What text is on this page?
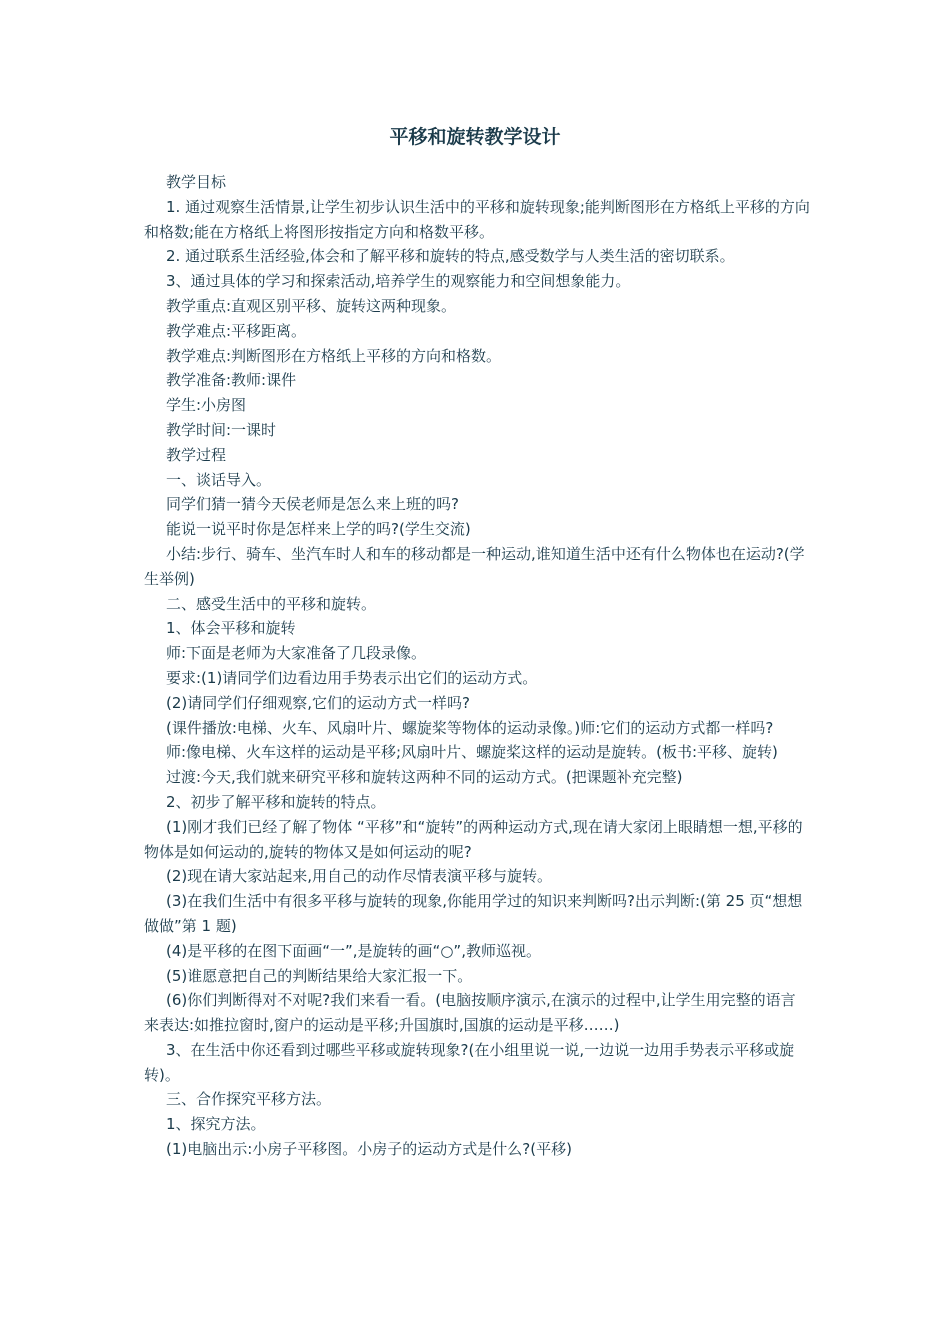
平移和旋转教学设计

教学目标

1. 通过观察生活情景,让学生初步认识生活中的平移和旋转现象;能判断图形在方格纸上平移的方向和格数;能在方格纸上将图形按指定方向和格数平移。

2. 通过联系生活经验,体会和了解平移和旋转的特点,感受数学与人类生活的密切联系。

3、通过具体的学习和探索活动,培养学生的观察能力和空间想象能力。

教学重点:直观区别平移、旋转这两种现象。

教学难点:平移距离。

教学难点:判断图形在方格纸上平移的方向和格数。

教学准备:教师:课件

学生:小房图

教学时间:一课时

教学过程

一、谈话导入。

同学们猜一猜今天侯老师是怎么来上班的吗?

能说一说平时你是怎样来上学的吗?(学生交流)

小结:步行、骑车、坐汽车时人和车的移动都是一种运动,谁知道生活中还有什么物体也在运动?(学生举例)

二、感受生活中的平移和旋转。

1、体会平移和旋转

师:下面是老师为大家准备了几段录像。

要求:(1)请同学们边看边用手势表示出它们的运动方式。

(2)请同学们仔细观察,它们的运动方式一样吗?

(课件播放:电梯、火车、风扇叶片、螺旋桨等物体的运动录像。)师:它们的运动方式都一样吗?

师:像电梯、火车这样的运动是平移;风扇叶片、螺旋桨这样的运动是旋转。(板书:平移、旋转)

过渡:今天,我们就来研究平移和旋转这两种不同的运动方式。(把课题补充完整)

2、初步了解平移和旋转的特点。

(1)刚才我们已经了解了物体 “平移”和“旋转”的两种运动方式,现在请大家闭上眼睛想一想,平移的物体是如何运动的,旋转的物体又是如何运动的呢?

(2)现在请大家站起来,用自己的动作尽情表演平移与旋转。

(3)在我们生活中有很多平移与旋转的现象,你能用学过的知识来判断吗?出示判断:(第 25 页“想想做做”第 1 题)

(4)是平移的在图下面画“一”,是旋转的画“○”,教师巡视。

(5)谁愿意把自己的判断结果给大家汇报一下。

(6)你们判断得对不对呢?我们来看一看。(电脑按顺序演示,在演示的过程中,让学生用完整的语言来表达:如推拉窗时,窗户的运动是平移;升国旗时,国旗的运动是平移……)

3、在生活中你还看到过哪些平移或旋转现象?(在小组里说一说,一边说一边用手势表示平移或旋转)。

三、合作探究平移方法。

1、探究方法。

(1)电脑出示:小房子平移图。小房子的运动方式是什么?(平移)
